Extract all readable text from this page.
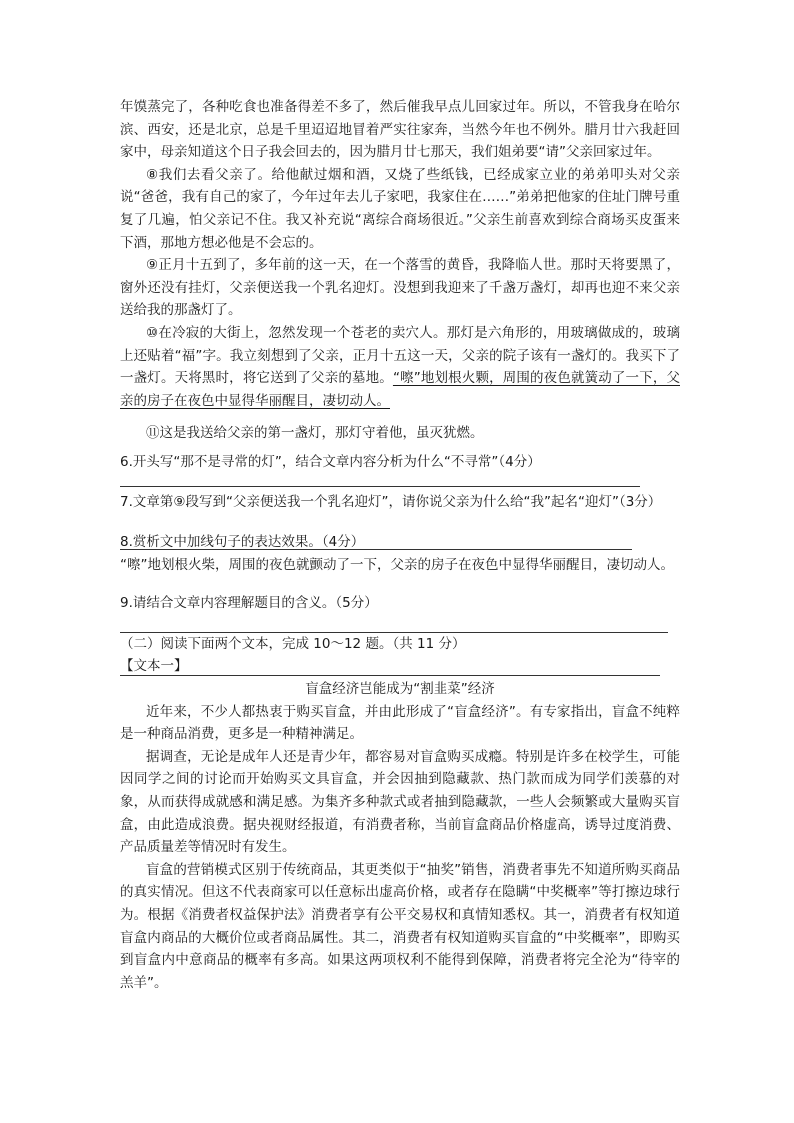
年馍蒸完了，各种吃食也准备得差不多了，然后催我早点儿回家过年。所以，不管我身在哈尔滨、西安，还是北京，总是千里迢迢地冒着严实往家奔，当然今年也不例外。腊月廿六我赶回家中，母亲知道这个日子我会回去的，因为腊月廿七那天，我们姐弟要“请”父亲回家过年。

⑧我们去看父亲了。给他献过烟和酒，又烧了些纸钱，已经成家立业的弟弟叩头对父亲说“爸爸，我有自己的家了，今年过年去儿子家吧，我家住在……”弟弟把他家的住址门牌号重复了几遍，怕父亲记不住。我又补充说“离综合商场很近。”父亲生前喜欢到综合商场买皮蛋来下酒，那地方想必他是不会忘的。

⑨正月十五到了，多年前的这一天，在一个落雪的黄昏，我降临人世。那时天将要黑了，窗外还没有挂灯，父亲便送我一个乳名迎灯。没想到我迎来了千盏万盏灯，却再也迎不来父亲送给我的那盏灯了。

⑩在冷寂的大街上，忽然发现一个苍老的卖穴人。那灯是六角形的，用玻璃做成的，玻璃上还贴着“福”字。我立刻想到了父亲，正月十五这一天，父亲的院子该有一盏灯的。我买下了一盏灯。天将黑时，将它送到了父亲的墓地。“嚓”地划根火颗，周围的夜色就簧动了一下，父亲的房子在夜色中显得华丽醒目，凄切动人。

⑪这是我送给父亲的第一盏灯，那灯守着他，虽灭犹燃。

6.开头写“那不是寻常的灯”，结合文章内容分析为什么“不寻常”（4分）

7.文章第⑨段写到“父亲便送我一个乳名迎灯”，请你说父亲为什么给“我”起名“迎灯”（3分）

8.赏析文中加线句子的表达效果。（4分）

“嚓”地划根火柴，周围的夜色就颤动了一下，父亲的房子在夜色中显得华丽醒目，凄切动人。

9.请结合文章内容理解题目的含义。（5分）

（二）阅读下面两个文本，完成 10～12 题。（共 11 分）

【文本一】

盲盒经济岂能成为“割韭菜”经济

近年来，不少人都热衷于购买盲盒，并由此形成了“盲盒经济”。有专家指出，盲盒不纯粹是一种商品消费，更多是一种精神满足。

据调查，无论是成年人还是青少年，都容易对盲盒购买成瘾。特别是许多在校学生，可能因同学之间的讨论而开始购买文具盲盒，并会因抽到隐藏款、热门款而成为同学们羡慕的对象，从而获得成就感和满足感。为集齐多种款式或者抽到隐藏款，一些人会频繁或大量购买盲盒，由此造成浪费。据央视财经报道，有消费者称，当前盲盒商品价格虚高，诱导过度消费、产品质量差等情况时有发生。

盲盒的营销模式区别于传统商品，其更类似于“抽奖”销售，消费者事先不知道所购买商品的真实情况。但这不代表商家可以任意标出虚高价格，或者存在隐瞒“中奖概率”等打擦边球行为。根据《消费者权益保护法》消费者享有公平交易权和真情知悉权。其一，消费者有权知道盲盒内商品的大概价位或者商品属性。其二，消费者有权知道购买盲盒的“中奖概率”，即购买到盲盒内中意商品的概率有多高。如果这两项权利不能得到保障，消费者将完全沦为“待宰的羔羊”。
